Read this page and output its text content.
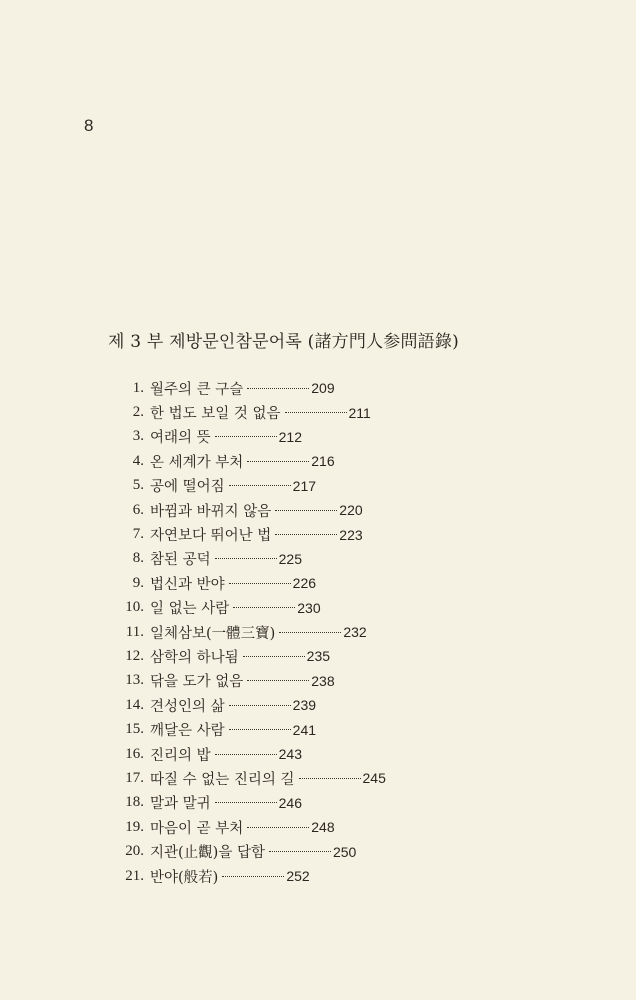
8
제 3 부 제방문인참문어록 (諸方門人参問語錄)
1. 월주의 큰 구슬	209
2. 한 법도 보일 것 없음	211
3. 여래의 뜻	212
4. 온 세계가 부처	216
5. 공에 떨어짐	217
6. 바뀜과 바뀌지 않음	220
7. 자연보다 뛰어난 법	223
8. 참된 공덕	225
9. 법신과 반야	226
10. 일 없는 사람	230
11. 일체삼보(一體三寶)	232
12. 삼학의 하나됨	235
13. 닦을 도가 없음	238
14. 견성인의 삶	239
15. 깨달은 사람	241
16. 진리의 밥	243
17. 따질 수 없는 진리의 길	245
18. 말과 말귀	246
19. 마음이 곧 부처	248
20. 지관(止觀)을 답함	250
21. 반야(般若)	252
